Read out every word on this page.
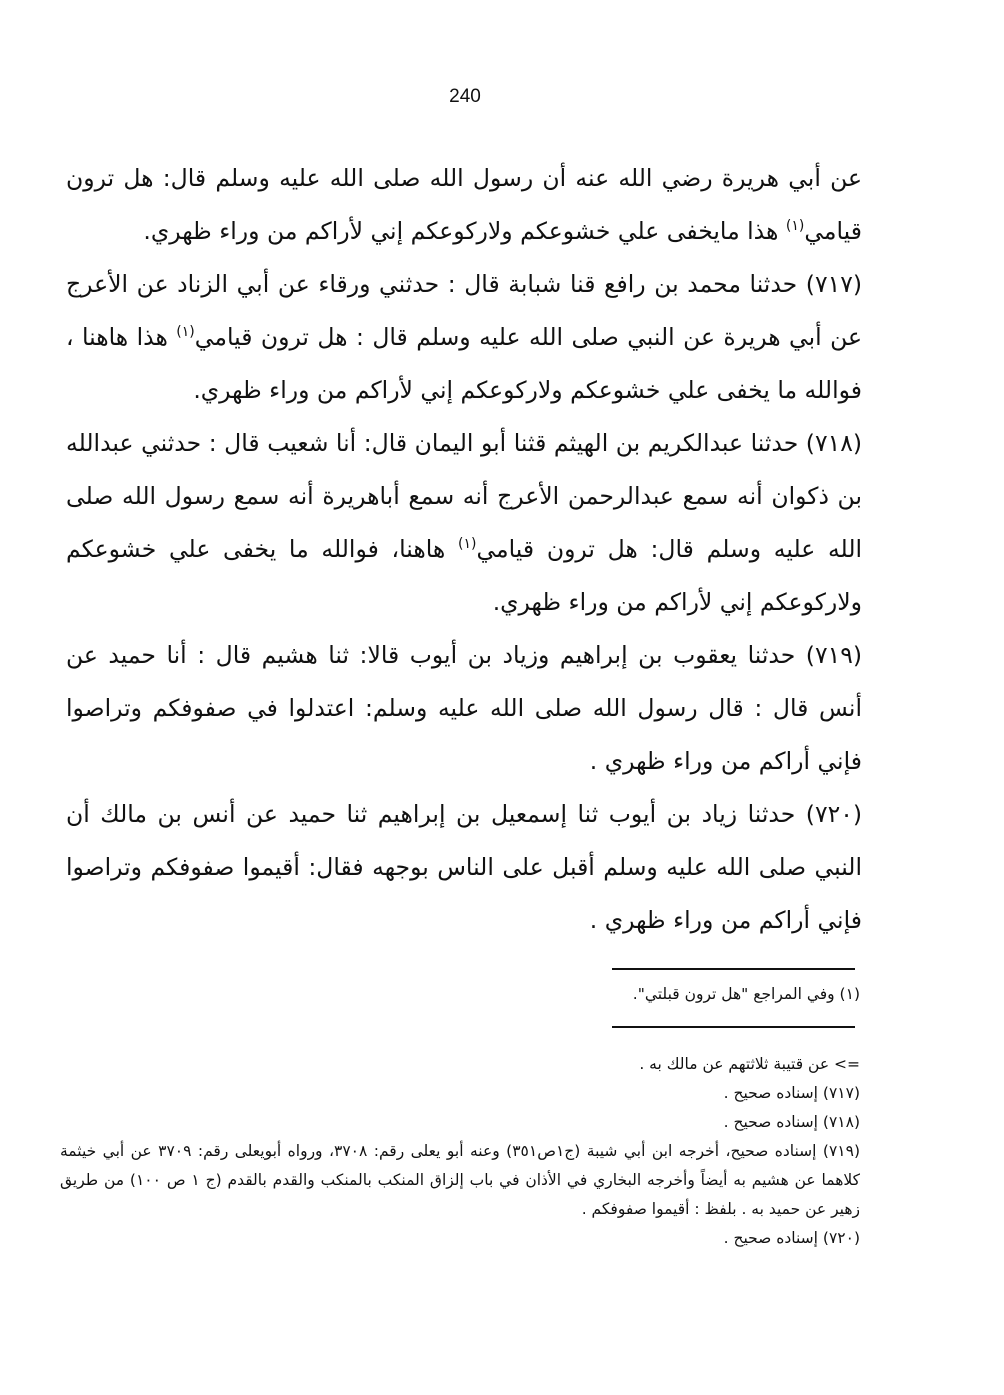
240

عن أبي هريرة رضي الله عنه أن رسول الله صلى الله عليه وسلم قال: هل ترون قيامي$^{(١)}$ هذا مايخفى علي خشوعكم ولاركوعكم إني لأراكم من وراء ظهري.

(٧١٧) حدثنا محمد بن رافع قنا شبابة قال : حدثني ورقاء عن أبي الزناد عن الأعرج عن أبي هريرة عن النبي صلى الله عليه وسلم قال : هل ترون قيامي$^{(١)}$ هذا هاهنا ، فوالله ما يخفى علي خشوعكم ولاركوعكم إني لأراكم من وراء ظهري.

(٧١٨) حدثنا عبدالكريم بن الهيثم قثنا أبو اليمان قال: أنا شعيب قال : حدثني عبدالله بن ذكوان أنه سمع عبدالرحمن الأعرج أنه سمع أباهريرة أنه سمع رسول الله صلى الله عليه وسلم قال: هل ترون قيامي$^{(١)}$ هاهنا، فوالله ما يخفى علي خشوعكم ولاركوعكم إني لأراكم من وراء ظهري.

(٧١٩) حدثنا يعقوب بن إبراهيم وزياد بن أيوب قالا: ثنا هشيم قال : أنا حميد عن أنس قال : قال رسول الله صلى الله عليه وسلم: اعتدلوا في صفوفكم وتراصوا فإني أراكم من وراء ظهري .

(٧٢٠) حدثنا زياد بن أيوب ثنا إسمعيل بن إبراهيم ثنا حميد عن أنس بن مالك أن النبي صلى الله عليه وسلم أقبل على الناس بوجهه فقال: أقيموا صفوفكم وتراصوا فإني أراكم من وراء ظهري .

(١) وفي المراجع "هل ترون قبلتي".

=> عن قتيبة ثلاثتهم عن مالك به .

(٧١٧) إسناده صحيح .

(٧١٨) إسناده صحيح .

(٧١٩) إسناده صحيح، أخرجه ابن أبي شيبة (ج١ص٣٥١) وعنه أبو يعلى رقم: ٣٧٠٨، ورواه أبويعلى رقم: ٣٧٠٩ عن أبي خيثمة كلاهما عن هشيم به أيضاً وأخرجه البخاري في الأذان في باب إلزاق المنكب بالمنكب والقدم بالقدم (ج ١ ص ١٠٠) من طريق زهير عن حميد به . بلفظ : أقيموا صفوفكم .

(٧٢٠) إسناده صحيح .
